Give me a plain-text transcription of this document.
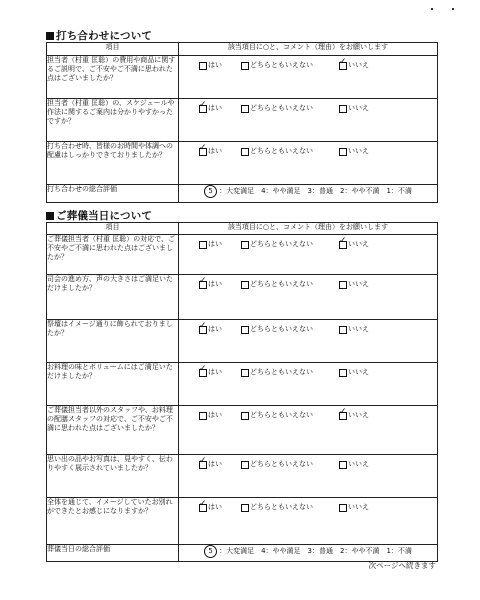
打ち合わせについて
項目	該当項目に○と、コメント（理由）をお願いします
担当者（村重 匡聡）の費用や商品に関するご説明で、ご不安やご不満に思われた点はございましたか？	はい どちらともいえない ✓ いいえ

担当者（村重 匡聡）の、スケジュールや作法に関するご案内は分かりやすかったですか？	
✓
はい どちらともいえない いいえ

打ち合わせ時、皆様のお時間や体調への配慮はしっかりできておりましたか？	
✓はい どちらともいえない いいえ

打ち合わせの総合評価	5 ：大変満足　4：やや満足　3：普通　2：やや不満　1：不満
ご葬儀当日について
項目	該当項目に○と、コメント（理由）をお願いします
ご葬儀担当者（村重 匡聡）の対応で、ご不安やご不満に思われた点はございましたか？	はい どちらともいえない ✓ いいえ

司会の進め方、声の大きさはご満足いただけましたか？	
✓はい どちらともいえない いいえ

祭壇はイメージ通りに飾られておりましたか？	
✓はい どちらともいえない いいえ

お料理の味とボリュームにはご満足いただけましたか？	
✓はい どちらともいえない いいえ

ご葬儀担当者以外のスタッフや、お料理の配膳スタッフの対応で、ご不安やご不満に思われた点はございましたか？	はい どちらともいえない ✓ いいえ

思い出の品やお写真は、見やすく、伝わりやすく展示されていましたか？	
✓はい どちらともいえない いいえ

全体を通じて、イメージしていたお別れができたとお感じになりますか？	
✓はい どちらともいえない いいえ

葬儀当日の総合評価	5 ：大変満足　4：やや満足　3：普通　2：やや不満　1：不満
次ページへ続きます
